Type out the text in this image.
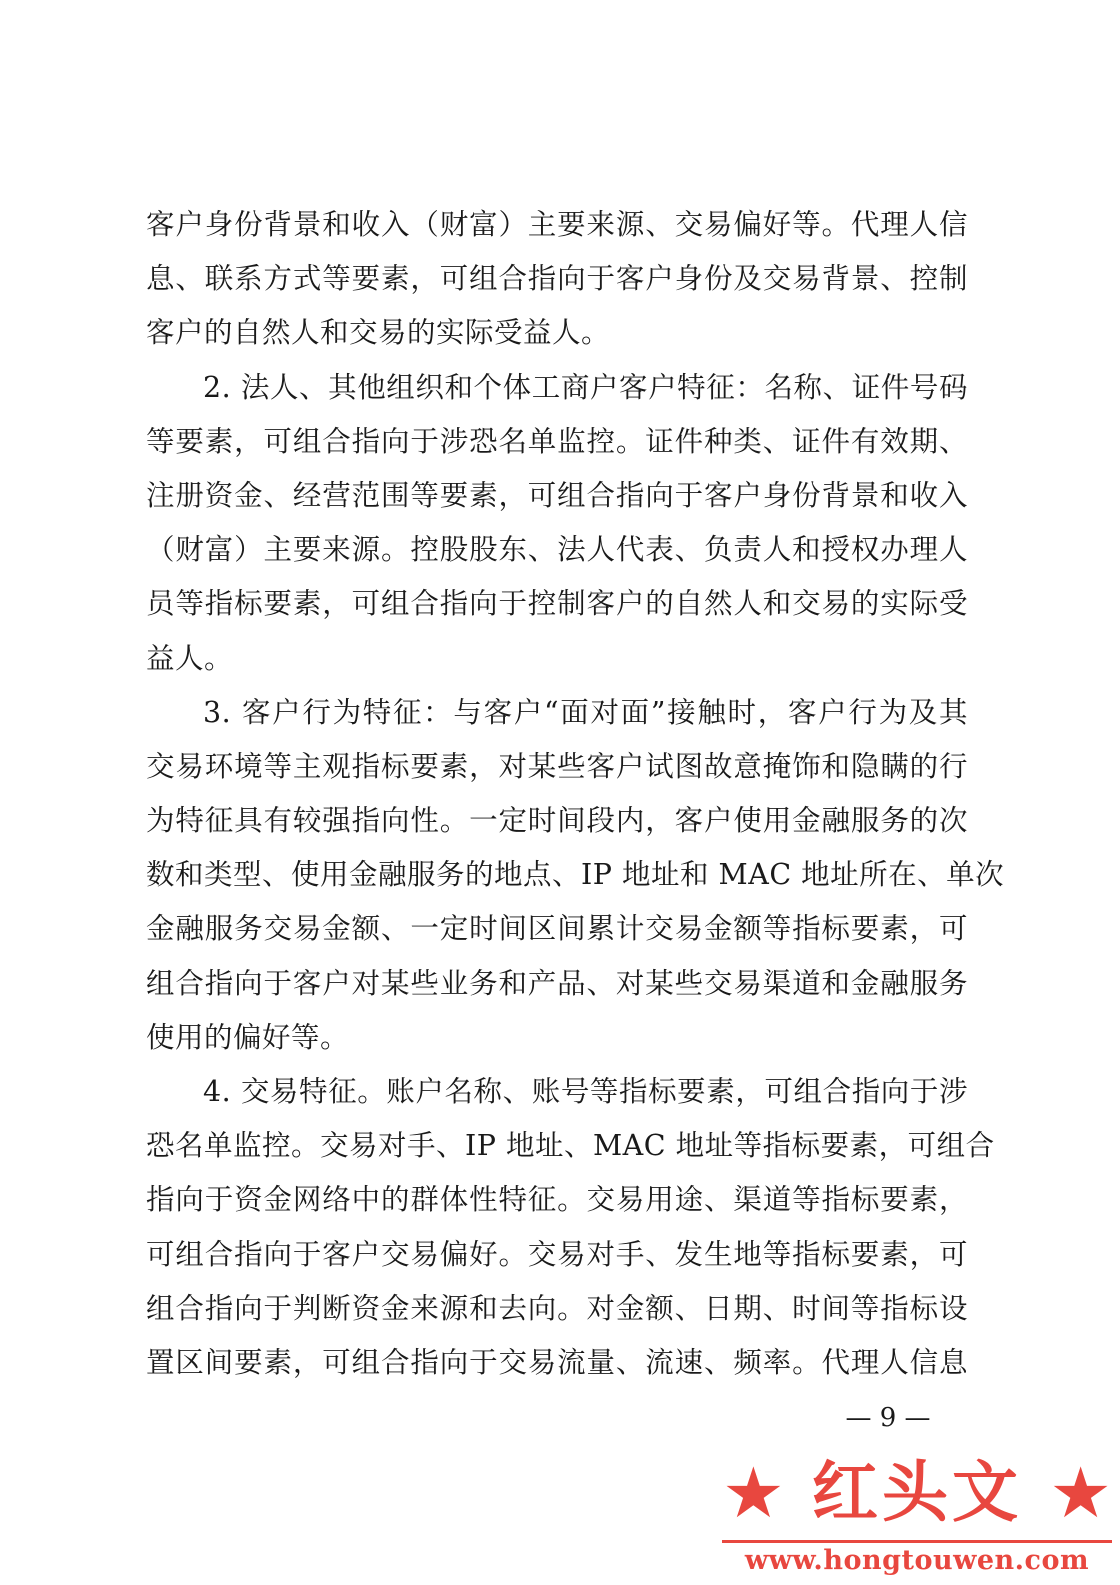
客户身份背景和收入（财富）主要来源、交易偏好等。代理人信
息、联系方式等要素，可组合指向于客户身份及交易背景、控制
客户的自然人和交易的实际受益人。
2. 法人、其他组织和个体工商户客户特征：名称、证件号码
等要素，可组合指向于涉恐名单监控。证件种类、证件有效期、
注册资金、经营范围等要素，可组合指向于客户身份背景和收入
（财富）主要来源。控股股东、法人代表、负责人和授权办理人
员等指标要素，可组合指向于控制客户的自然人和交易的实际受
益人。
3. 客户行为特征：与客户“面对面”接触时，客户行为及其
交易环境等主观指标要素，对某些客户试图故意掩饰和隐瞒的行
为特征具有较强指向性。一定时间段内，客户使用金融服务的次
数和类型、使用金融服务的地点、IP 地址和 MAC 地址所在、单次
金融服务交易金额、一定时间区间累计交易金额等指标要素，可
组合指向于客户对某些业务和产品、对某些交易渠道和金融服务
使用的偏好等。
4. 交易特征。账户名称、账号等指标要素，可组合指向于涉
恐名单监控。交易对手、IP 地址、MAC 地址等指标要素，可组合
指向于资金网络中的群体性特征。交易用途、渠道等指标要素，
可组合指向于客户交易偏好。交易对手、发生地等指标要素，可
组合指向于判断资金来源和去向。对金额、日期、时间等指标设
置区间要素，可组合指向于交易流量、流速、频率。代理人信息
— 9 —
★ 红头文 ★
www.hongtouwen.com
